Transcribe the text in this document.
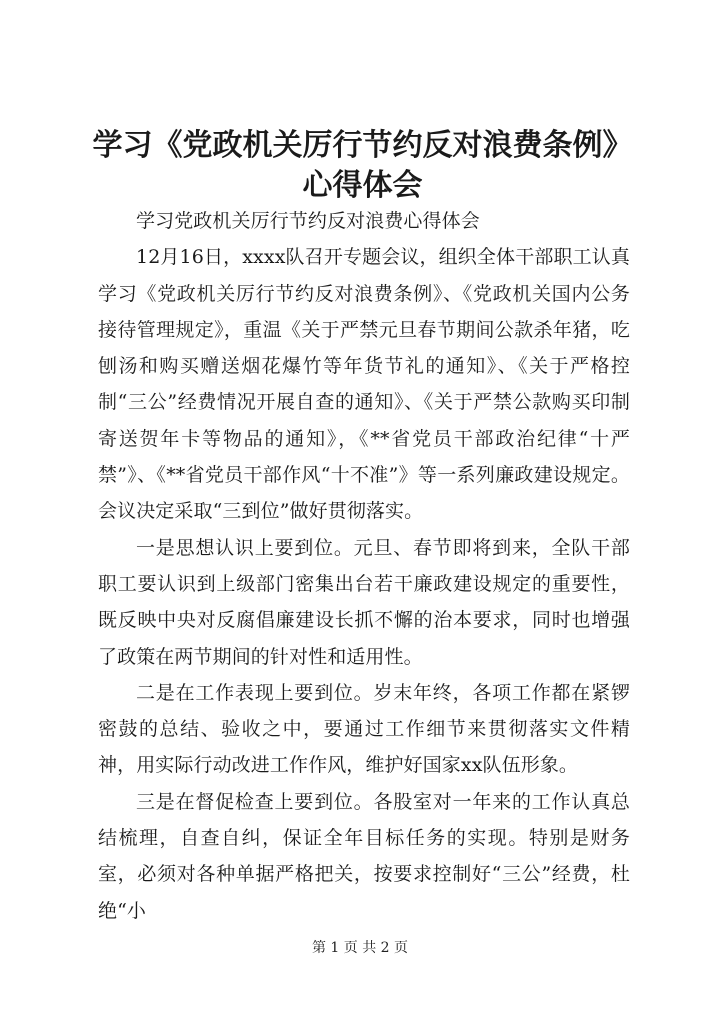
学习《党政机关厉行节约反对浪费条例》心得体会

学习党政机关厉行节约反对浪费心得体会

12月16日，xxxx队召开专题会议，组织全体干部职工认真学习《党政机关厉行节约反对浪费条例》、《党政机关国内公务接待管理规定》，重温《关于严禁元旦春节期间公款杀年猪，吃刨汤和购买赠送烟花爆竹等年货节礼的通知》、《关于严格控制“三公”经费情况开展自查的通知》、《关于严禁公款购买印制寄送贺年卡等物品的通知》，《**省党员干部政治纪律“十严禁”》、《**省党员干部作风“十不准”》等一系列廉政建设规定。会议决定采取“三到位”做好贯彻落实。

一是思想认识上要到位。元旦、春节即将到来，全队干部职工要认识到上级部门密集出台若干廉政建设规定的重要性，既反映中央对反腐倡廉建设长抓不懈的治本要求，同时也增强了政策在两节期间的针对性和适用性。

二是在工作表现上要到位。岁末年终，各项工作都在紧锣密鼓的总结、验收之中，要通过工作细节来贯彻落实文件精神，用实际行动改进工作作风，维护好国家xx队伍形象。

三是在督促检查上要到位。各股室对一年来的工作认真总结梳理，自查自纠，保证全年目标任务的实现。特别是财务室，必须对各种单据严格把关，按要求控制好“三公”经费，杜绝“小

第 1 页 共 2 页
